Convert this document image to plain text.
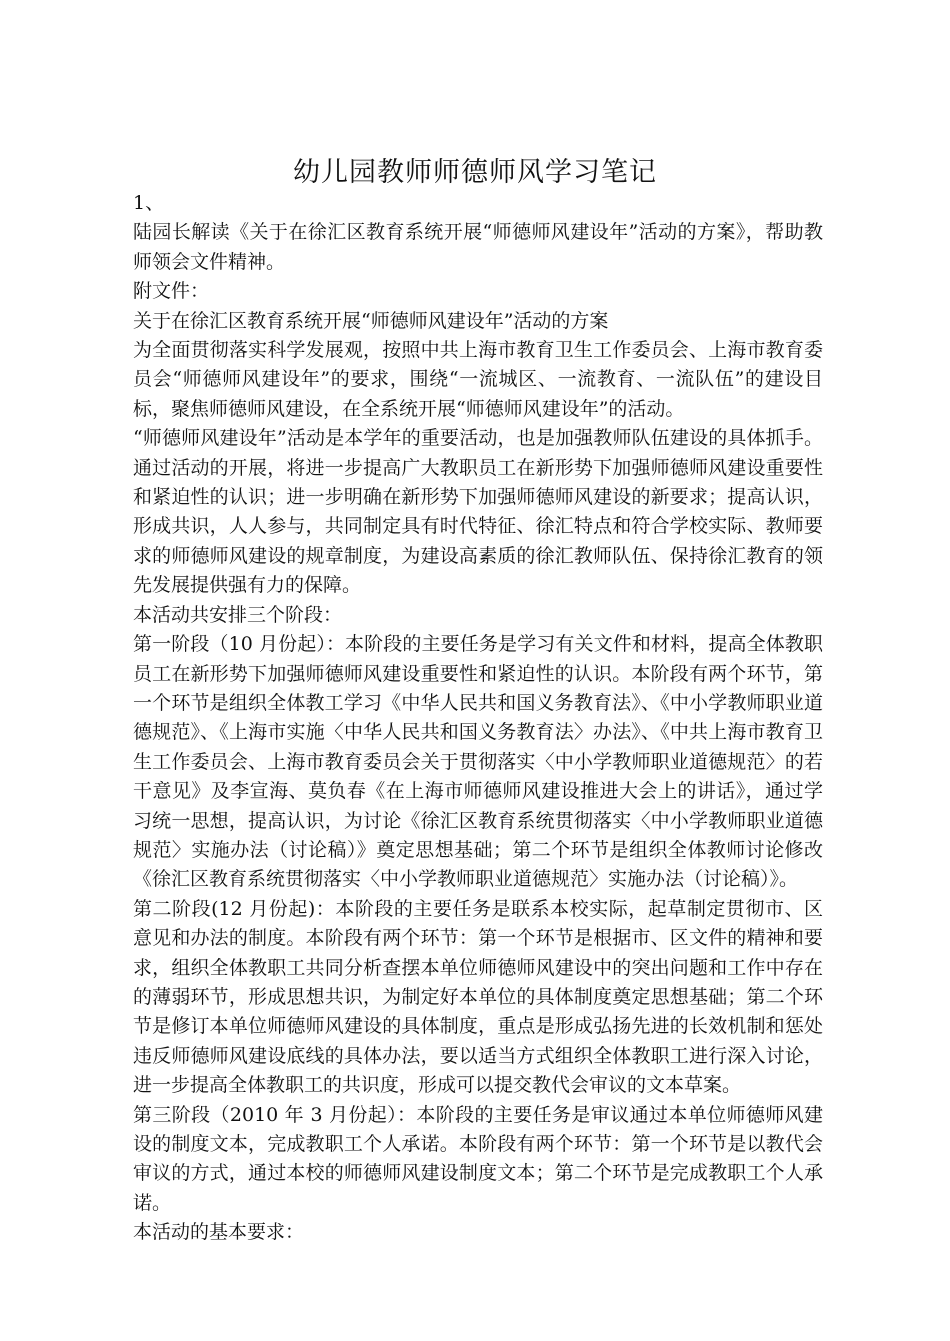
幼儿园教师师德师风学习笔记

1、

陆园长解读《关于在徐汇区教育系统开展“师德师风建设年”活动的方案》，帮助教师领会文件精神。

附文件：

关于在徐汇区教育系统开展“师德师风建设年”活动的方案

为全面贯彻落实科学发展观，按照中共上海市教育卫生工作委员会、上海市教育委员会“师德师风建设年”的要求，围绕“一流城区、一流教育、一流队伍”的建设目标，聚焦师德师风建设，在全系统开展“师德师风建设年”的活动。

“师德师风建设年”活动是本学年的重要活动，也是加强教师队伍建设的具体抓手。通过活动的开展，将进一步提高广大教职员工在新形势下加强师德师风建设重要性和紧迫性的认识；进一步明确在新形势下加强师德师风建设的新要求；提高认识，形成共识，人人参与，共同制定具有时代特征、徐汇特点和符合学校实际、教师要求的师德师风建设的规章制度，为建设高素质的徐汇教师队伍、保持徐汇教育的领先发展提供强有力的保障。

本活动共安排三个阶段：

第一阶段（10 月份起）：本阶段的主要任务是学习有关文件和材料，提高全体教职员工在新形势下加强师德师风建设重要性和紧迫性的认识。本阶段有两个环节，第一个环节是组织全体教工学习《中华人民共和国义务教育法》、《中小学教师职业道德规范》、《上海市实施〈中华人民共和国义务教育法〉办法》、《中共上海市教育卫生工作委员会、上海市教育委员会关于贯彻落实〈中小学教师职业道德规范〉的若干意见》及李宣海、莫负春《在上海市师德师风建设推进大会上的讲话》，通过学习统一思想，提高认识，为讨论《徐汇区教育系统贯彻落实〈中小学教师职业道德规范〉实施办法（讨论稿）》奠定思想基础；第二个环节是组织全体教师讨论修改《徐汇区教育系统贯彻落实〈中小学教师职业道德规范〉实施办法（讨论稿）》。

第二阶段(12 月份起)：本阶段的主要任务是联系本校实际，起草制定贯彻市、区意见和办法的制度。本阶段有两个环节：第一个环节是根据市、区文件的精神和要求，组织全体教职工共同分析查摆本单位师德师风建设中的突出问题和工作中存在的薄弱环节，形成思想共识，为制定好本单位的具体制度奠定思想基础；第二个环节是修订本单位师德师风建设的具体制度，重点是形成弘扬先进的长效机制和惩处违反师德师风建设底线的具体办法，要以适当方式组织全体教职工进行深入讨论，进一步提高全体教职工的共识度，形成可以提交教代会审议的文本草案。

第三阶段（2010 年 3 月份起）：本阶段的主要任务是审议通过本单位师德师风建设的制度文本，完成教职工个人承诺。本阶段有两个环节：第一个环节是以教代会审议的方式，通过本校的师德师风建设制度文本；第二个环节是完成教职工个人承诺。

本活动的基本要求：
